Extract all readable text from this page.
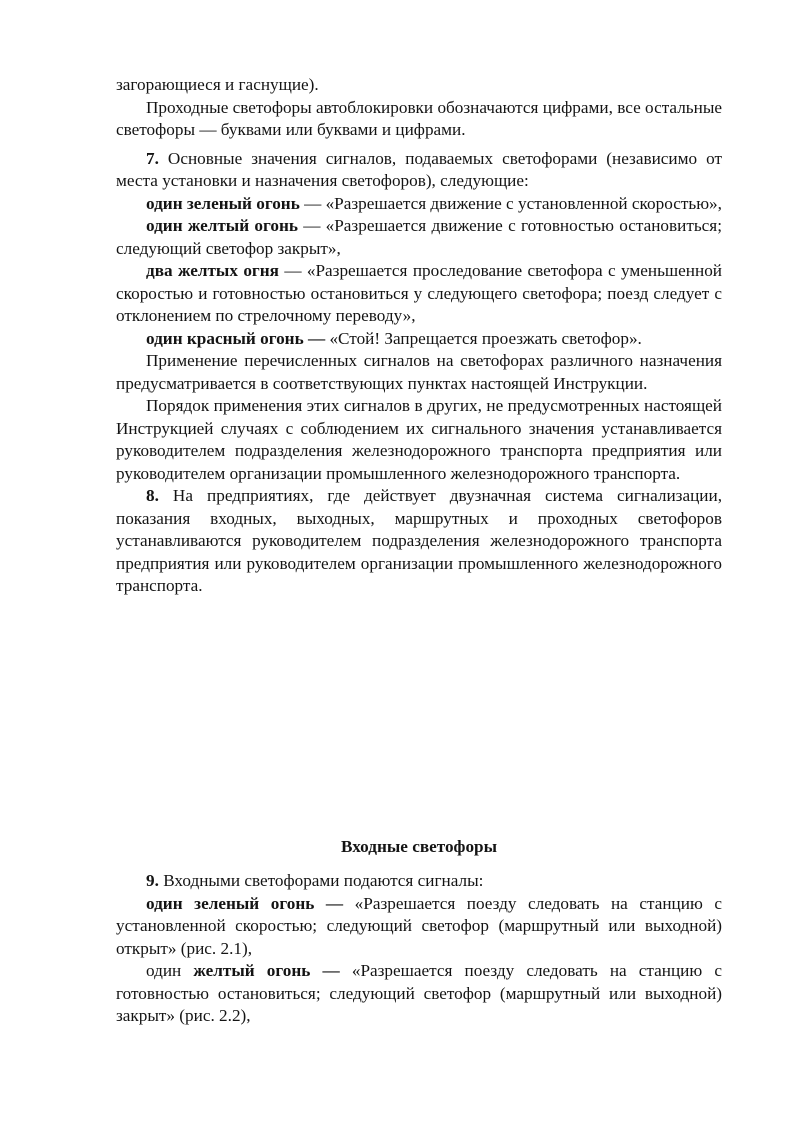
загорающиеся и гаснущие).

Проходные светофоры автоблокировки обозначаются цифрами, все остальные светофоры — буквами или буквами и цифрами.

7. Основные значения сигналов, подаваемых светофорами (независимо от места установки и назначения светофоров), следующие:

один зеленый огонь — «Разрешается движение с установленной скоростью»,

один желтый огонь — «Разрешается движение с готовностью остановиться; следующий светофор закрыт»,

два желтых огня — «Разрешается проследование светофора с уменьшенной скоростью и готовностью остановиться у следующего светофора; поезд следует с отклонением по стрелочному переводу»,

один красный огонь — «Стой! Запрещается проезжать светофор».

Применение перечисленных сигналов на светофорах различного назначения предусматривается в соответствующих пунктах настоящей Инструкции.

Порядок применения этих сигналов в других, не предусмотренных настоящей Инструкцией случаях с соблюдением их сигнального значения устанавливается руководителем подразделения железнодорожного транспорта предприятия или руководителем организации промышленного железнодорожного транспорта.

8. На предприятиях, где действует двузначная система сигнализации, показания входных, выходных, маршрутных и проходных светофоров устанавливаются руководителем подразделения железнодорожного транспорта предприятия или руководителем организации промышленного железнодорожного транспорта.

Входные светофоры

9. Входными светофорами подаются сигналы:

один зеленый огонь — «Разрешается поезду следовать на станцию с установленной скоростью; следующий светофор (маршрутный или выходной) открыт» (рис. 2.1),

один желтый огонь — «Разрешается поезду следовать на станцию с готовностью остановиться; следующий светофор (маршрутный или выходной) закрыт» (рис. 2.2),
